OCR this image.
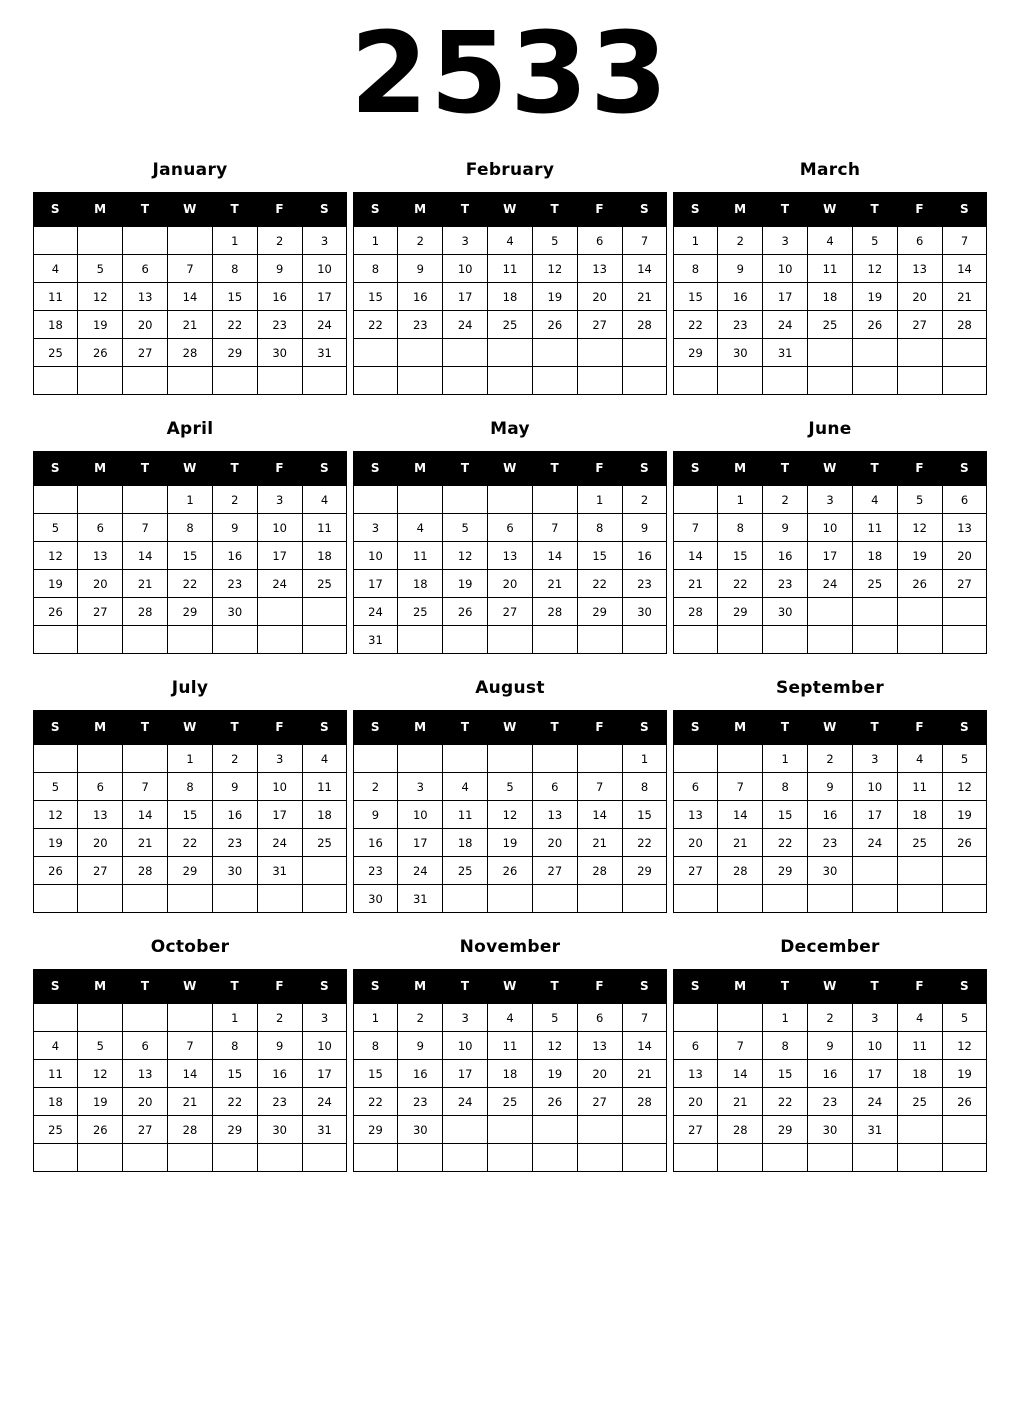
2533
January
S	M	T	W	T	F	S
				1	2	3
4	5	6	7	8	9	10
11	12	13	14	15	16	17
18	19	20	21	22	23	24
25	26	27	28	29	30	31

February
S	M	T	W	T	F	S
1	2	3	4	5	6	7
8	9	10	11	12	13	14
15	16	17	18	19	20	21
22	23	24	25	26	27	28

March
S	M	T	W	T	F	S
1	2	3	4	5	6	7
8	9	10	11	12	13	14
15	16	17	18	19	20	21
22	23	24	25	26	27	28
29	30	31				

April
S	M	T	W	T	F	S
			1	2	3	4
5	6	7	8	9	10	11
12	13	14	15	16	17	18
19	20	21	22	23	24	25
26	27	28	29	30		

May
S	M	T	W	T	F	S
					1	2
3	4	5	6	7	8	9
10	11	12	13	14	15	16
17	18	19	20	21	22	23
24	25	26	27	28	29	30
31						
June
S	M	T	W	T	F	S
	1	2	3	4	5	6
7	8	9	10	11	12	13
14	15	16	17	18	19	20
21	22	23	24	25	26	27
28	29	30				

July
S	M	T	W	T	F	S
			1	2	3	4
5	6	7	8	9	10	11
12	13	14	15	16	17	18
19	20	21	22	23	24	25
26	27	28	29	30	31	

August
S	M	T	W	T	F	S
						1
2	3	4	5	6	7	8
9	10	11	12	13	14	15
16	17	18	19	20	21	22
23	24	25	26	27	28	29
30	31					
September
S	M	T	W	T	F	S
		1	2	3	4	5
6	7	8	9	10	11	12
13	14	15	16	17	18	19
20	21	22	23	24	25	26
27	28	29	30			

October
S	M	T	W	T	F	S
				1	2	3
4	5	6	7	8	9	10
11	12	13	14	15	16	17
18	19	20	21	22	23	24
25	26	27	28	29	30	31

November
S	M	T	W	T	F	S
1	2	3	4	5	6	7
8	9	10	11	12	13	14
15	16	17	18	19	20	21
22	23	24	25	26	27	28
29	30					

December
S	M	T	W	T	F	S
		1	2	3	4	5
6	7	8	9	10	11	12
13	14	15	16	17	18	19
20	21	22	23	24	25	26
27	28	29	30	31		
